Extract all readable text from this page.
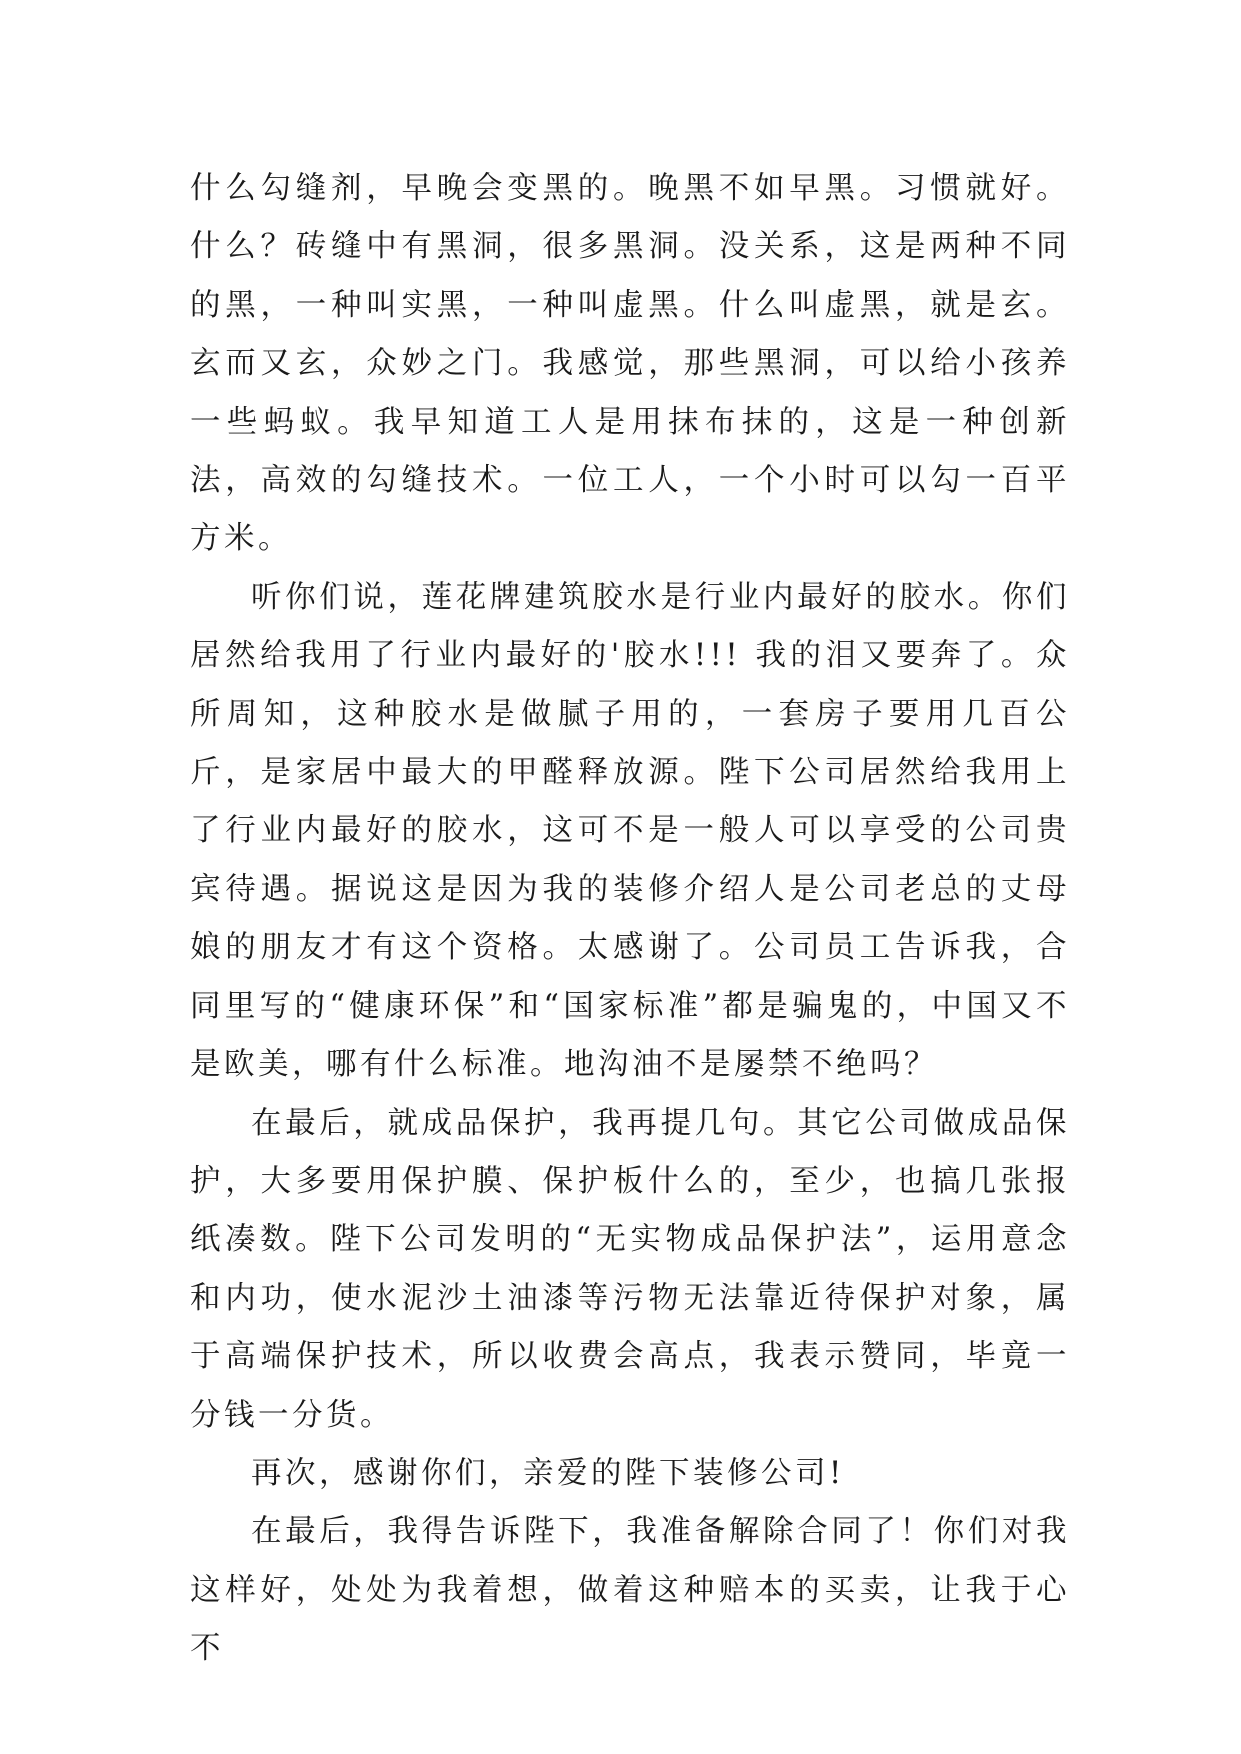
什么勾缝剂，早晚会变黑的。晚黑不如早黑。习惯就好。什么？砖缝中有黑洞，很多黑洞。没关系，这是两种不同的黑，一种叫实黑，一种叫虚黑。什么叫虚黑，就是玄。玄而又玄，众妙之门。我感觉，那些黑洞，可以给小孩养一些蚂蚁。我早知道工人是用抹布抹的，这是一种创新法，高效的勾缝技术。一位工人，一个小时可以勾一百平方米。

听你们说，莲花牌建筑胶水是行业内最好的胶水。你们居然给我用了行业内最好的'胶水!!! 我的泪又要奔了。众所周知，这种胶水是做腻子用的，一套房子要用几百公斤，是家居中最大的甲醛释放源。陛下公司居然给我用上了行业内最好的胶水，这可不是一般人可以享受的公司贵宾待遇。据说这是因为我的装修介绍人是公司老总的丈母娘的朋友才有这个资格。太感谢了。公司员工告诉我，合同里写的“健康环保”和“国家标准”都是骗鬼的，中国又不是欧美，哪有什么标准。地沟油不是屡禁不绝吗？

在最后，就成品保护，我再提几句。其它公司做成品保护，大多要用保护膜、保护板什么的，至少，也搞几张报纸凑数。陛下公司发明的“无实物成品保护法”，运用意念和内功，使水泥沙土油漆等污物无法靠近待保护对象，属于高端保护技术，所以收费会高点，我表示赞同，毕竟一分钱一分货。

再次，感谢你们，亲爱的陛下装修公司!

在最后，我得告诉陛下，我准备解除合同了！你们对我这样好，处处为我着想，做着这种赔本的买卖，让我于心不
